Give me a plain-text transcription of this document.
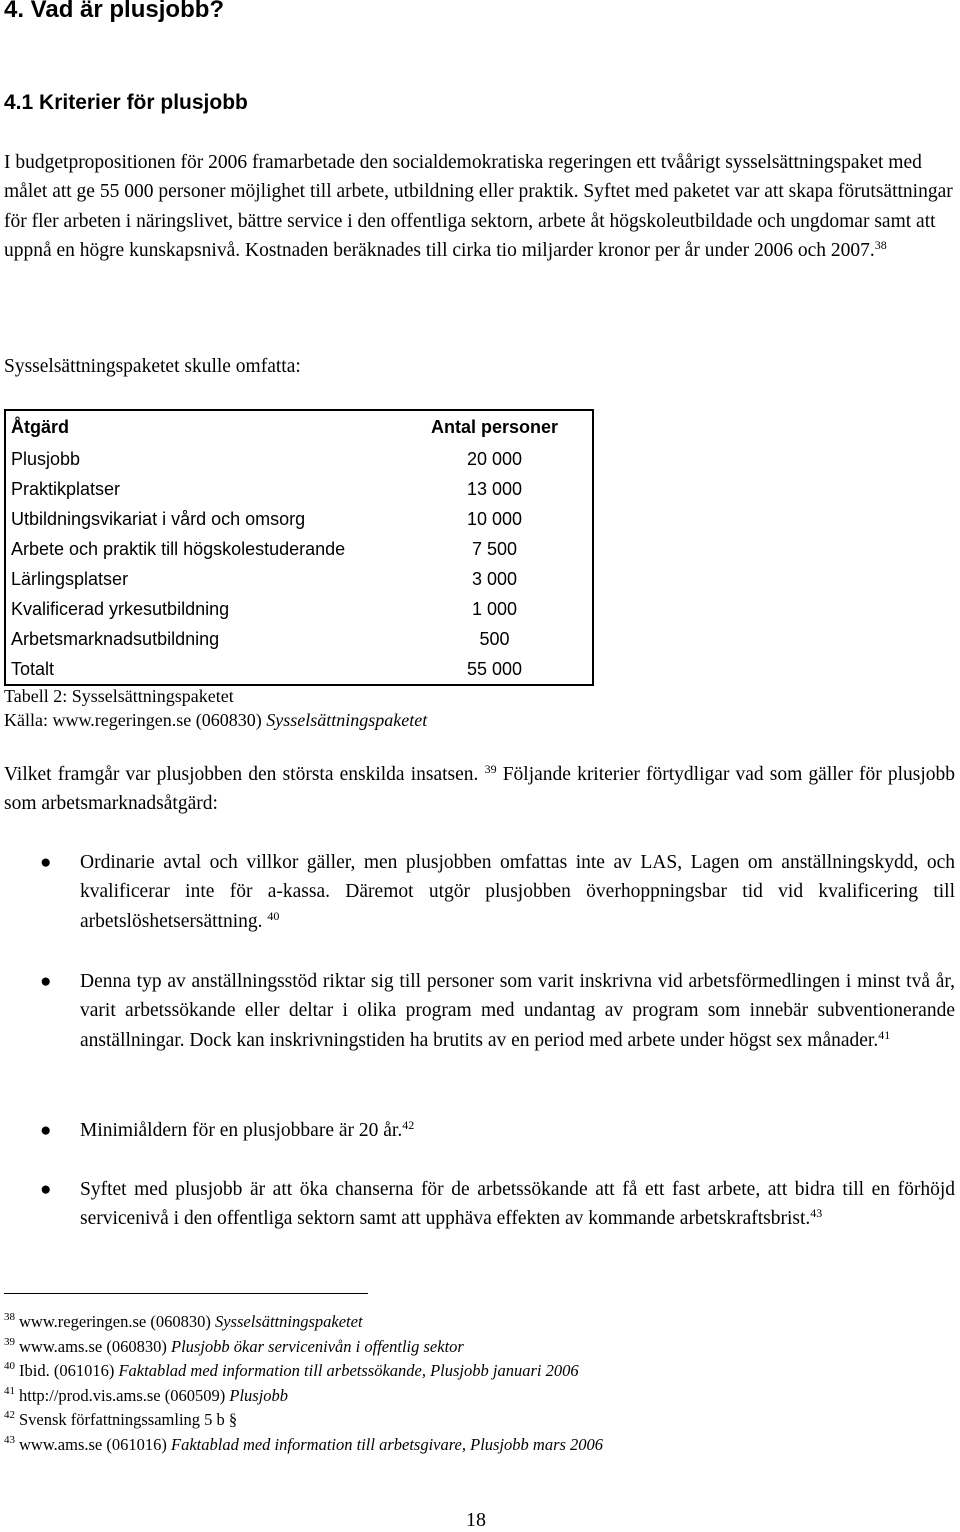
4. Vad är plusjobb?
4.1 Kriterier för plusjobb

I budgetpropositionen för 2006 framarbetade den socialdemokratiska regeringen ett tvåårigt sysselsättningspaket med målet att ge 55 000 personer möjlighet till arbete, utbildning eller praktik. Syftet med paketet var att skapa förutsättningar för fler arbeten i näringslivet, bättre service i den offentliga sektorn, arbete åt högskoleutbildade och ungdomar samt att uppnå en högre kunskapsnivå. Kostnaden beräknades till cirka tio miljarder kronor per år under 2006 och 2007.38

Sysselsättningspaketet skulle omfatta:

Åtgärd	Antal personer
Plusjobb	20 000
Praktikplatser	13 000
Utbildningsvikariat i vård och omsorg	10 000
Arbete och praktik till högskolestuderande	7 500
Lärlingsplatser	3 000
Kvalificerad yrkesutbildning	1 000
Arbetsmarknadsutbildning	500
Totalt	55 000

Tabell 2: Sysselsättningspaketet

Källa: www.regeringen.se (060830) Sysselsättningspaketet

Vilket framgår var plusjobben den största enskilda insatsen. $^{39}$ Följande kriterier förtydligar vad som gäller för plusjobb som arbetsmarknadsåtgärd:

● Ordinarie avtal och villkor gäller, men plusjobben omfattas inte av LAS, Lagen om anställningskydd, och kvalificerar inte för a-kassa. Däremot utgör plusjobben överhoppningsbar tid vid kvalificering till arbetslöshetsersättning. $^{40}$
● Denna typ av anställningsstöd riktar sig till personer som varit inskrivna vid arbetsförmedlingen i minst två år, varit arbetssökande eller deltar i olika program med undantag av program som innebär subventionerande anställningar. Dock kan inskrivningstiden ha brutits av en period med arbete under högst sex månader.$^{41}$
● Minimiåldern för en plusjobbare är 20 år.$^{42}$
● Syftet med plusjobb är att öka chanserna för de arbetssökande att få ett fast arbete, att bidra till en förhöjd servicenivå i den offentliga sektorn samt att upphäva effekten av kommande arbetskraftsbrist.$^{43}$
$^{38}$ www.regeringen.se (060830) Sysselsättningspaketet
$^{39}$ www.ams.se (060830) Plusjobb ökar servicenivån i offentlig sektor
$^{40}$ Ibid. (061016) Faktablad med information till arbetssökande, Plusjobb januari 2006
$^{41}$ http://prod.vis.ams.se (060509) Plusjobb
$^{42}$ Svensk författningssamling 5 b §
$^{43}$ www.ams.se (061016) Faktablad med information till arbetsgivare, Plusjobb mars 2006
18
